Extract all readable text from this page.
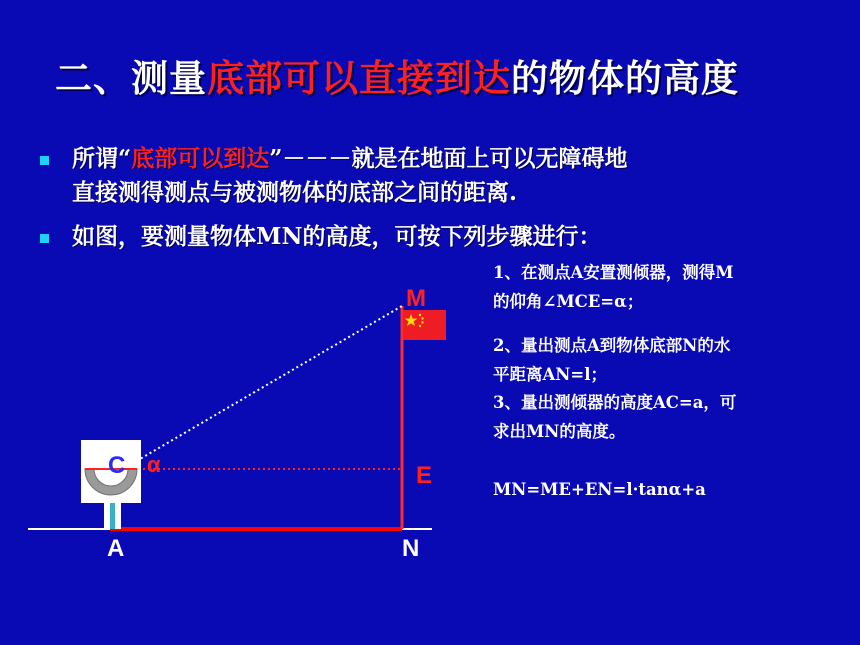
二、测量底部可以直接到达的物体的高度
所谓“底部可以到达”－－－就是在地面上可以无障碍地
直接测得测点与被测物体的底部之间的距离.
如图，要测量物体MN的高度，可按下列步骤进行：
1、在测点A安置测倾器，测得M
的仰角∠MCE=α；
2、量出测点A到物体底部N的水
平距离AN=l；
3、量出测倾器的高度AC=a，可
求出MN的高度。
MN=ME+EN=l·tanα+a
M
C α	E
A	N
